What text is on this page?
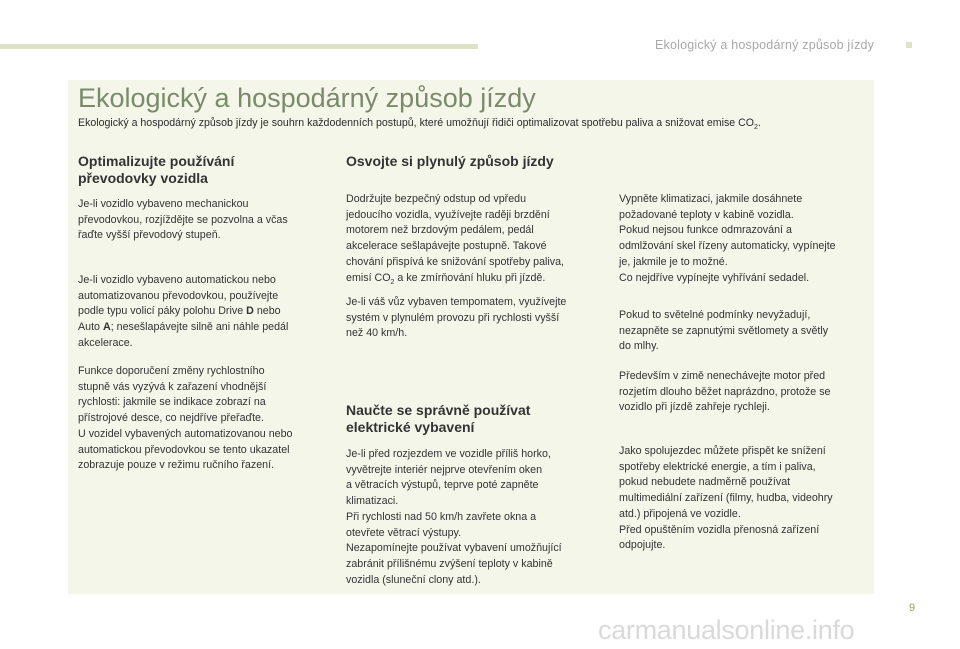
Ekologický a hospodárný způsob jízdy
Ekologický a hospodárný způsob jízdy

Ekologický a hospodárný způsob jízdy je souhrn každodenních postupů, které umožňují řidiči optimalizovat spotřebu paliva a snižovat emise $CO_2$.

Optimalizujte používání
převodovky vozidla

Je-li vozidlo vybaveno mechanickou
převodovkou, rozjíždějte se pozvolna a včas
řaďte vyšší převodový stupeň.

Je-li vozidlo vybaveno automatickou nebo
automatizovanou převodovkou, používejte
podle typu volicí páky polohu Drive D nebo
Auto A; nesešlapávejte silně ani náhle pedál
akcelerace.

Funkce doporučení změny rychlostního
stupně vás vyzývá k zařazení vhodnější
rychlosti: jakmile se indikace zobrazí na
přístrojové desce, co nejdříve přeřaďte.
U vozidel vybavených automatizovanou nebo
automatickou převodovkou se tento ukazatel
zobrazuje pouze v režimu ručního řazení.

Osvojte si plynulý způsob jízdy

Dodržujte bezpečný odstup od vpředu
jedoucího vozidla, využívejte raději brzdění
motorem než brzdovým pedálem, pedál
akcelerace sešlapávejte postupně. Takové
chování přispívá ke snižování spotřeby paliva,
emisí $CO_2$ a ke zmírňování hluku při jízdě.

Je-li váš vůz vybaven tempomatem, využívejte
systém v plynulém provozu při rychlosti vyšší
než 40 km/h.

Naučte se správně používat
elektrické vybavení

Je-li před rozjezdem ve vozidle příliš horko,
vyvětrejte interiér nejprve otevřením oken
a větracích výstupů, teprve poté zapněte
klimatizaci.
Při rychlosti nad 50 km/h zavřete okna a
otevřete větrací výstupy.
Nezapomínejte používat vybavení umožňující
zabránit přílišnému zvýšení teploty v kabině
vozidla (sluneční clony atd.).

Vypněte klimatizaci, jakmile dosáhnete
požadované teploty v kabině vozidla.
Pokud nejsou funkce odmrazování a
odmlžování skel řízeny automaticky, vypínejte
je, jakmile je to možné.
Co nejdříve vypínejte vyhřívání sedadel.

Pokud to světelné podmínky nevyžadují,
nezapněte se zapnutými světlomety a světly
do mlhy.

Především v zimě nenechávejte motor před
rozjetím dlouho běžet naprázdno, protože se
vozidlo při jízdě zahřeje rychleji.

Jako spolujezdec můžete přispět ke snížení
spotřeby elektrické energie, a tím i paliva,
pokud nebudete nadměrně používat
multimediální zařízení (filmy, hudba, videohry
atd.) připojená ve vozidle.
Před opuštěním vozidla přenosná zařízení
odpojujte.

9
carmanualsonline.info
